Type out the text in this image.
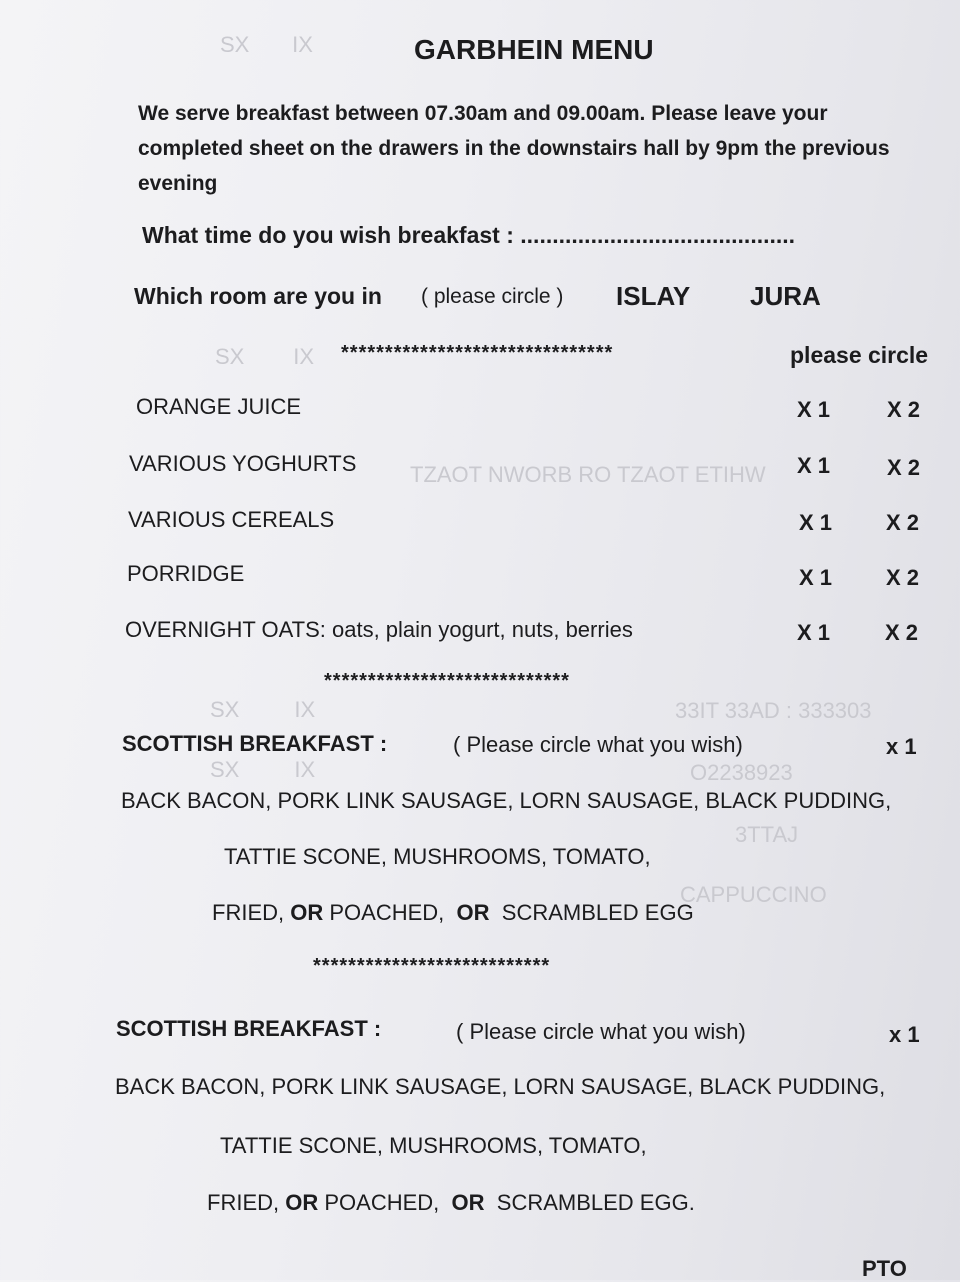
SX       IX
SX        IX
TZAOT NWORB RO TZAOT ETIHW
SX         IX
SX         IX	O2238923
33IT 33AD : 333303
3TTAJ
CAPPUCCINO
GARBHEIN MENU
We serve breakfast between 07.30am and 09.00am. Please leave your
completed sheet on the drawers in the downstairs hall by 9pm the previous
evening
What time do you wish breakfast : ...........................................
Which room are you in ( please circle ) ISLAY JURA
*******************************	please circle
ORANGE JUICE	X 1	X 2
VARIOUS YOGHURTS	X 1	X 2
VARIOUS CEREALS	X 1 X 2
PORRIDGE	X 1 X 2
OVERNIGHT OATS: oats, plain yogurt, nuts, berries	X 1 X 2
****************************
SCOTTISH BREAKFAST :	( Please circle what you wish)	x 1
BACK BACON, PORK LINK SAUSAGE, LORN SAUSAGE, BLACK PUDDING,
TATTIE SCONE, MUSHROOMS, TOMATO,
FRIED, OR POACHED, OR SCRAMBLED EGG
***************************
SCOTTISH BREAKFAST :	( Please circle what you wish)	x 1
BACK BACON, PORK LINK SAUSAGE, LORN SAUSAGE, BLACK PUDDING,
TATTIE SCONE, MUSHROOMS, TOMATO,
FRIED, OR POACHED, OR SCRAMBLED EGG.
PTO
